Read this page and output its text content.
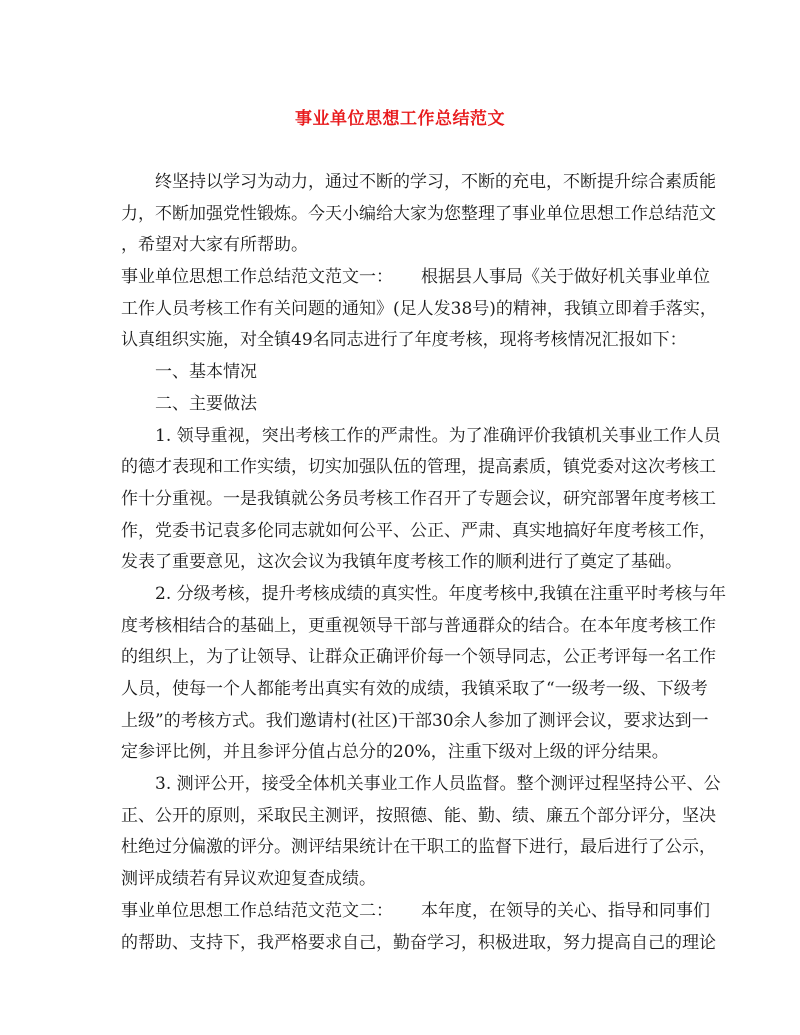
事业单位思想工作总结范文
终坚持以学习为动力，通过不断的学习，不断的充电，不断提升综合素质能
力，不断加强党性锻炼。今天小编给大家为您整理了事业单位思想工作总结范文
，希望对大家有所帮助。
事业单位思想工作总结范文范文一： 根据县人事局《关于做好机关事业单位
工作人员考核工作有关问题的通知》(足人发38号)的精神，我镇立即着手落实，
认真组织实施，对全镇49名同志进行了年度考核，现将考核情况汇报如下：
一、基本情况
二、主要做法
1. 领导重视，突出考核工作的严肃性。为了准确评价我镇机关事业工作人员
的德才表现和工作实绩，切实加强队伍的管理，提高素质，镇党委对这次考核工
作十分重视。一是我镇就公务员考核工作召开了专题会议，研究部署年度考核工
作，党委书记袁多伦同志就如何公平、公正、严肃、真实地搞好年度考核工作，
发表了重要意见，这次会议为我镇年度考核工作的顺利进行了奠定了基础。
2. 分级考核，提升考核成绩的真实性。年度考核中,我镇在注重平时考核与年
度考核相结合的基础上，更重视领导干部与普通群众的结合。在本年度考核工作
的组织上，为了让领导、让群众正确评价每一个领导同志，公正考评每一名工作
人员，使每一个人都能考出真实有效的成绩，我镇采取了“一级考一级、下级考
上级”的考核方式。我们邀请村(社区)干部30余人参加了测评会议，要求达到一
定参评比例，并且参评分值占总分的20%，注重下级对上级的评分结果。
3. 测评公开，接受全体机关事业工作人员监督。整个测评过程坚持公平、公
正、公开的原则，采取民主测评，按照德、能、勤、绩、廉五个部分评分，坚决
杜绝过分偏激的评分。测评结果统计在干职工的监督下进行，最后进行了公示，
测评成绩若有异议欢迎复查成绩。
事业单位思想工作总结范文范文二： 本年度，在领导的关心、指导和同事们
的帮助、支持下，我严格要求自己，勤奋学习，积极进取，努力提高自己的理论
